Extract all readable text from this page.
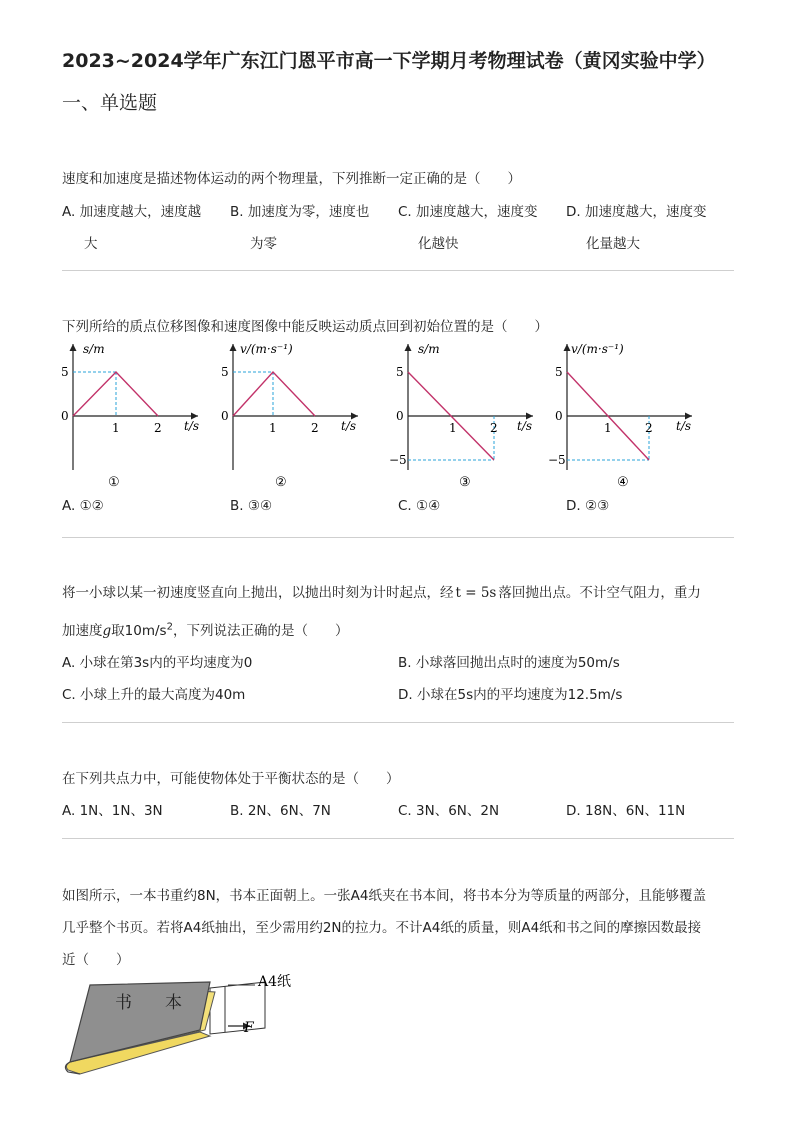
2023~2024学年广东江门恩平市高一下学期月考物理试卷（黄冈实验中学）
一、单选题
速度和加速度是描述物体运动的两个物理量，下列推断一定正确的是（　　）
A. 加速度越大，速度越
大
B. 加速度为零，速度也
为零
C. 加速度越大，速度变
化越快
D. 加速度越大，速度变
化量越大
下列所给的质点位移图像和速度图像中能反映运动质点回到初始位置的是（　　）
s/m
5
0
1	2 t/s
①
v/(m·s⁻¹)
5
0
1	2 t/s
②
s/m
5
0
−5
1	2 t/s
③
v/(m·s⁻¹)
5
0
−5
1	2 t/s
④
A. ①②	B. ③④	C. ①④	D. ②③
将一小球以某一初速度竖直向上抛出，以抛出时刻为计时起点，经 t = 5s 落回抛出点。不计空气阻力，重力
加速度g取$10m/s^2$，下列说法正确的是（　　）
A. 小球在第3s内的平均速度为0	B. 小球落回抛出点时的速度为50m/s
C. 小球上升的最大高度为40m	D. 小球在5s内的平均速度为12.5m/s
在下列共点力中，可能使物体处于平衡状态的是（　　）
A. 1N、1N、3N	B. 2N、6N、7N	C. 3N、6N、2N	D. 18N、6N、11N
如图所示，一本书重约8N，书本正面朝上。一张A4纸夹在书本间，将书本分为等质量的两部分，且能够覆盖
几乎整个书页。若将A4纸抽出，至少需用约2N的拉力。不计A4纸的质量，则A4纸和书之间的摩擦因数最接
近（　　）
书 本
A4纸
F
